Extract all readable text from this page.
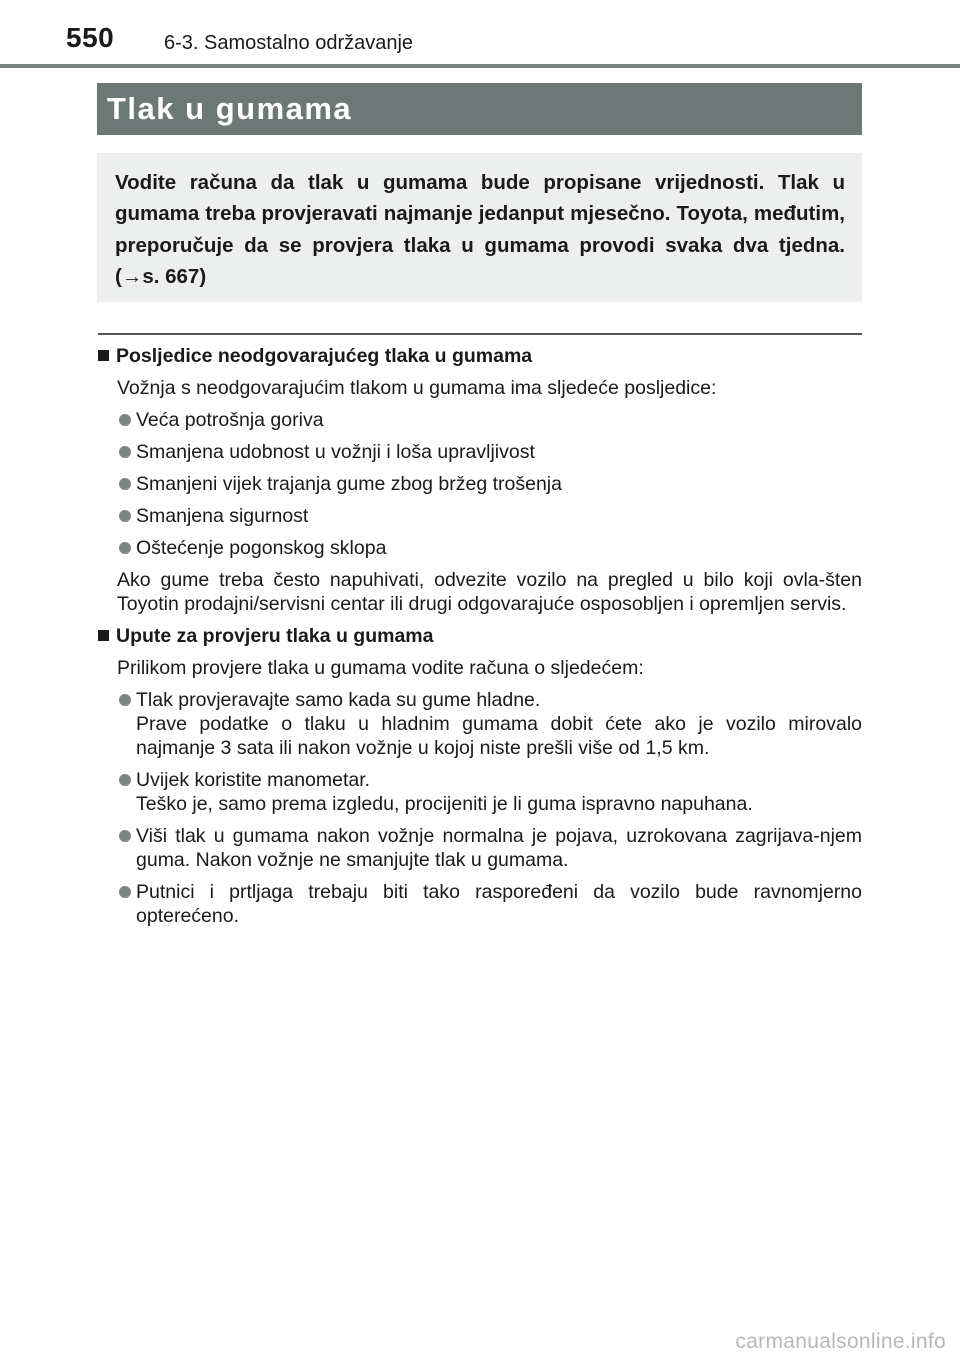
550 6-3. Samostalno održavanje
Tlak u gumama
Vodite računa da tlak u gumama bude propisane vrijednosti. Tlak u gumama treba provjeravati najmanje jedanput mjesečno. Toyota, međutim, preporučuje da se provjera tlaka u gumama provodi svaka dva tjedna. (→s. 667)
Posljedice neodgovarajućeg tlaka u gumama
Vožnja s neodgovarajućim tlakom u gumama ima sljedeće posljedice:
Veća potrošnja goriva
Smanjena udobnost u vožnji i loša upravljivost
Smanjeni vijek trajanja gume zbog bržeg trošenja
Smanjena sigurnost
Oštećenje pogonskog sklopa
Ako gume treba često napuhivati, odvezite vozilo na pregled u bilo koji ovla-šten Toyotin prodajni/servisni centar ili drugi odgovarajuće osposobljen i opremljen servis.
Upute za provjeru tlaka u gumama
Prilikom provjere tlaka u gumama vodite računa o sljedećem:
Tlak provjeravajte samo kada su gume hladne.
Prave podatke o tlaku u hladnim gumama dobit ćete ako je vozilo mirovalo najmanje 3 sata ili nakon vožnje u kojoj niste prešli više od 1,5 km.
Uvijek koristite manometar.
Teško je, samo prema izgledu, procijeniti je li guma ispravno napuhana.
Viši tlak u gumama nakon vožnje normalna je pojava, uzrokovana zagrijava-njem guma. Nakon vožnje ne smanjujte tlak u gumama.
Putnici i prtljaga trebaju biti tako raspoređeni da vozilo bude ravnomjerno opterećeno.
carmanualsonline.info
